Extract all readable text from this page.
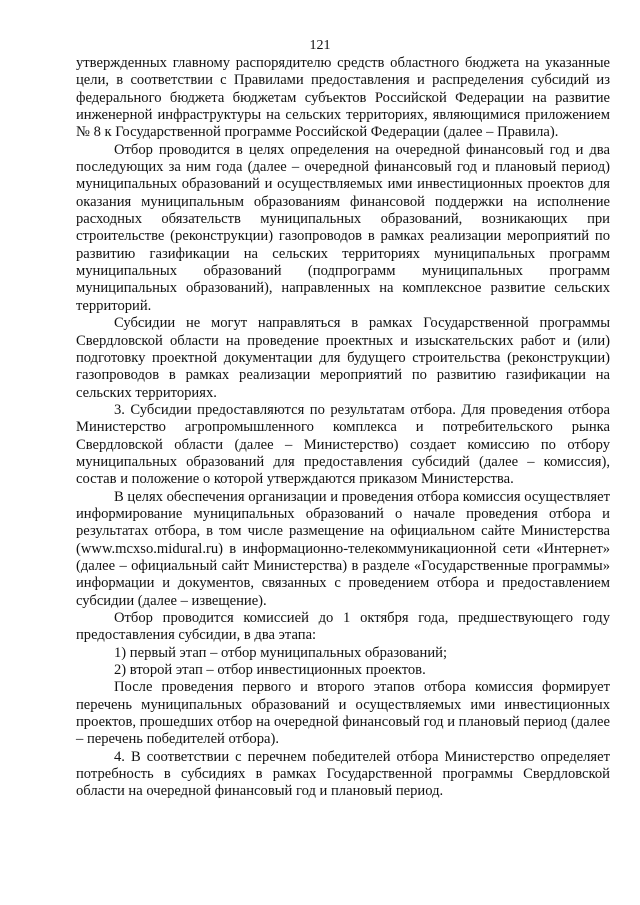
121

утвержденных главному распорядителю средств областного бюджета на указанные цели, в соответствии с Правилами предоставления и распределения субсидий из федерального бюджета бюджетам субъектов Российской Федерации на развитие инженерной инфраструктуры на сельских территориях, являющимися приложением № 8 к Государственной программе Российской Федерации (далее – Правила).

Отбор проводится в целях определения на очередной финансовый год и два последующих за ним года (далее – очередной финансовый год и плановый период) муниципальных образований и осуществляемых ими инвестиционных проектов для оказания муниципальным образованиям финансовой поддержки на исполнение расходных обязательств муниципальных образований, возникающих при строительстве (реконструкции) газопроводов в рамках реализации мероприятий по развитию газификации на сельских территориях муниципальных программ муниципальных образований (подпрограмм муниципальных программ муниципальных образований), направленных на комплексное развитие сельских территорий.

Субсидии не могут направляться в рамках Государственной программы Свердловской области на проведение проектных и изыскательских работ и (или) подготовку проектной документации для будущего строительства (реконструкции) газопроводов в рамках реализации мероприятий по развитию газификации на сельских территориях.

3. Субсидии предоставляются по результатам отбора. Для проведения отбора Министерство агропромышленного комплекса и потребительского рынка Свердловской области (далее – Министерство) создает комиссию по отбору муниципальных образований для предоставления субсидий (далее – комиссия), состав и положение о которой утверждаются приказом Министерства.

В целях обеспечения организации и проведения отбора комиссия осуществляет информирование муниципальных образований о начале проведения отбора и результатах отбора, в том числе размещение на официальном сайте Министерства (www.mcxso.midural.ru) в информационно-телекоммуникационной сети «Интернет» (далее – официальный сайт Министерства) в разделе «Государственные программы» информации и документов, связанных с проведением отбора и предоставлением субсидии (далее – извещение).

Отбор проводится комиссией до 1 октября года, предшествующего году предоставления субсидии, в два этапа:

1) первый этап – отбор муниципальных образований;

2) второй этап – отбор инвестиционных проектов.

После проведения первого и второго этапов отбора комиссия формирует перечень муниципальных образований и осуществляемых ими инвестиционных проектов, прошедших отбор на очередной финансовый год и плановый период (далее – перечень победителей отбора).

4. В соответствии с перечнем победителей отбора Министерство определяет потребность в субсидиях в рамках Государственной программы Свердловской области на очередной финансовый год и плановый период.
